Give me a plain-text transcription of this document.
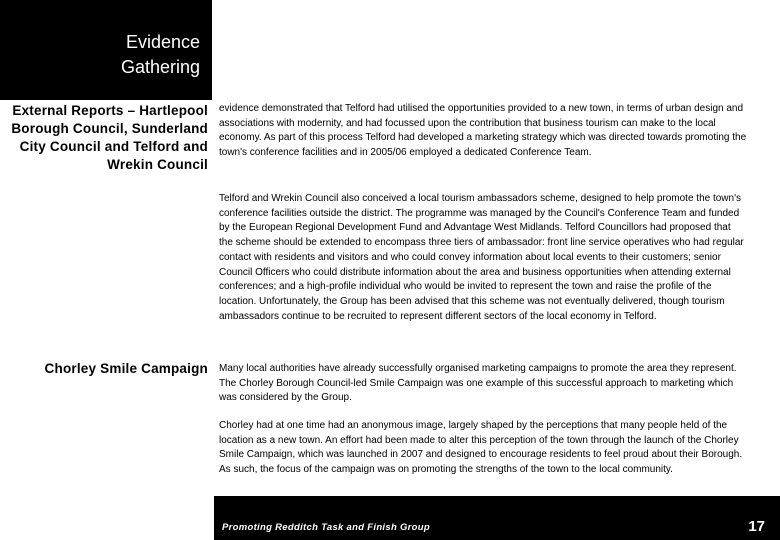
Evidence
Gathering
External Reports – Hartlepool Borough Council, Sunderland City Council and Telford and Wrekin Council
evidence demonstrated that Telford had utilised the opportunities provided to a new town, in terms of urban design and associations with modernity, and had focussed upon the contribution that business tourism can make to the local economy. As part of this process Telford had developed a marketing strategy which was directed towards promoting the town's conference facilities and in 2005/06 employed a dedicated Conference Team.
Telford and Wrekin Council also conceived a local tourism ambassadors scheme, designed to help promote the town's conference facilities outside the district. The programme was managed by the Council's Conference Team and funded by the European Regional Development Fund and Advantage West Midlands. Telford Councillors had proposed that the scheme should be extended to encompass three tiers of ambassador: front line service operatives who had regular contact with residents and visitors and who could convey information about local events to their customers; senior Council Officers who could distribute information about the area and business opportunities when attending external conferences; and a high-profile individual who would be invited to represent the town and raise the profile of the location. Unfortunately, the Group has been advised that this scheme was not eventually delivered, though tourism ambassadors continue to be recruited to represent different sectors of the local economy in Telford.
Chorley Smile Campaign Many local authorities have already successfully organised marketing campaigns to promote the area they represent. The Chorley Borough Council-led Smile Campaign was one example of this successful approach to marketing which was considered by the Group.
Chorley had at one time had an anonymous image, largely shaped by the perceptions that many people held of the location as a new town. An effort had been made to alter this perception of the town through the launch of the Chorley Smile Campaign, which was launched in 2007 and designed to encourage residents to feel proud about their Borough. As such, the focus of the campaign was on promoting the strengths of the town to the local community.
Promoting Redditch Task and Finish Group	17
